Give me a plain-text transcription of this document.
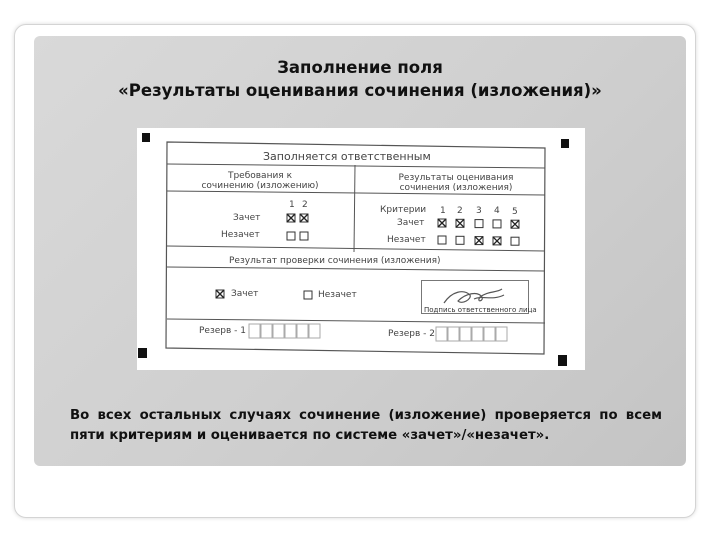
Заполнение поля
«Результаты оценивания сочинения (изложения)»
Заполняется ответственным
Требования к
сочинению (изложению)
Результаты оценивания
сочинения (изложения)
1 2
Зачет
Незачет
Критерии 1 2 3 4 5
Зачет
Незачет
Результат проверки сочинения (изложения)
Зачет	Незачет
Подпись ответственного лица
Резерв - 1	Резерв - 2
Во всех остальных случаях сочинение (изложение) проверяется по всем пяти критериям и оценивается по системе «зачет»/«незачет».
